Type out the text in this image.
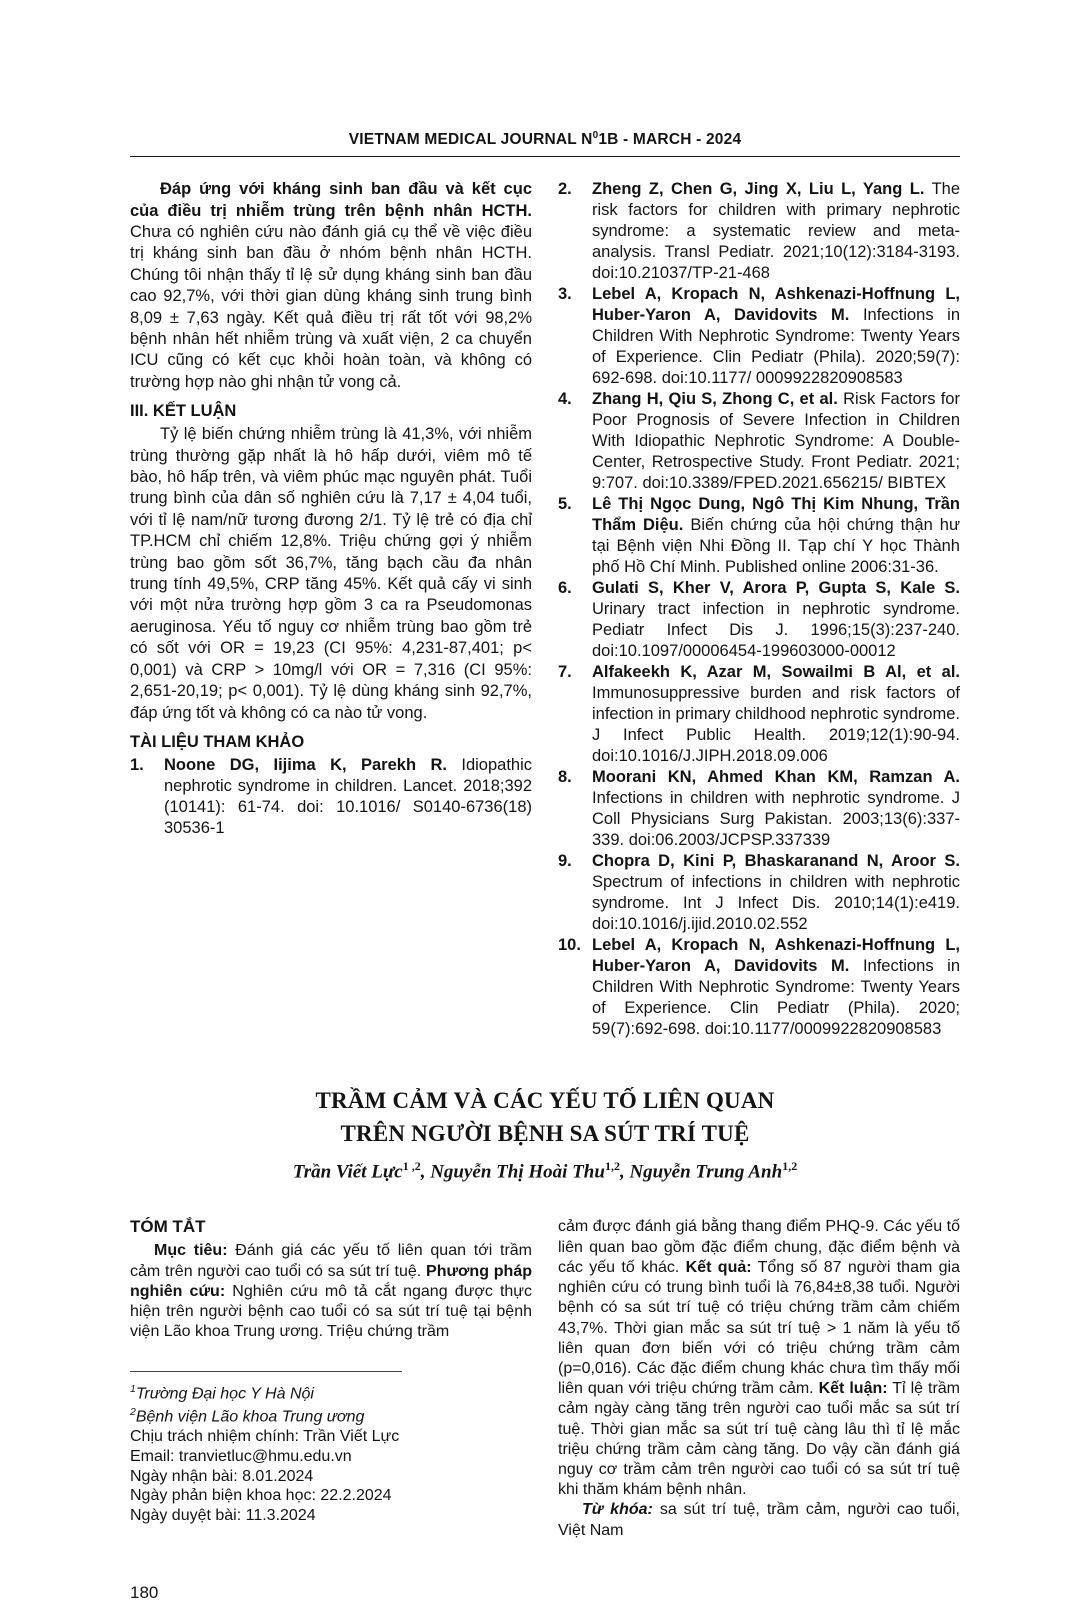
VIETNAM MEDICAL JOURNAL $N^01B$ - MARCH - 2024

Đáp ứng với kháng sinh ban đầu và kết cục của điều trị nhiễm trùng trên bệnh nhân HCTH. Chưa có nghiên cứu nào đánh giá cụ thể về việc điều trị kháng sinh ban đầu ở nhóm bệnh nhân HCTH. Chúng tôi nhận thấy tỉ lệ sử dụng kháng sinh ban đầu cao 92,7%, với thời gian dùng kháng sinh trung bình 8,09 ± 7,63 ngày. Kết quả điều trị rất tốt với 98,2% bệnh nhân hết nhiễm trùng và xuất viện, 2 ca chuyển ICU cũng có kết cục khỏi hoàn toàn, và không có trường hợp nào ghi nhận tử vong cả.

III. KẾT LUẬN

Tỷ lệ biến chứng nhiễm trùng là 41,3%, với nhiễm trùng thường gặp nhất là hô hấp dưới, viêm mô tế bào, hô hấp trên, và viêm phúc mạc nguyên phát. Tuổi trung bình của dân số nghiên cứu là 7,17 ± 4,04 tuổi, với tỉ lệ nam/nữ tương đương 2/1. Tỷ lệ trẻ có địa chỉ TP.HCM chỉ chiếm 12,8%. Triệu chứng gợi ý nhiễm trùng bao gồm sốt 36,7%, tăng bạch cầu đa nhân trung tính 49,5%, CRP tăng 45%. Kết quả cấy vi sinh với một nửa trường hợp gồm 3 ca ra Pseudomonas aeruginosa. Yếu tố nguy cơ nhiễm trùng bao gồm trẻ có sốt với OR = 19,23 (CI 95%: 4,231-87,401; p< 0,001) và CRP > 10mg/l với OR = 7,316 (CI 95%: 2,651-20,19; p< 0,001). Tỷ lệ dùng kháng sinh 92,7%, đáp ứng tốt và không có ca nào tử vong.

TÀI LIỆU THAM KHẢO
1.	Noone DG, Iijima K, Parekh R. Idiopathic nephrotic syndrome in children. Lancet. 2018;392 (10141): 61-74. doi: 10.1016/ S0140-6736(18) 30536-1
2.	Zheng Z, Chen G, Jing X, Liu L, Yang L. The risk factors for children with primary nephrotic syndrome: a systematic review and meta-analysis. Transl Pediatr. 2021;10(12):3184-3193. doi:10.21037/TP-21-468
3.	Lebel A, Kropach N, Ashkenazi-Hoffnung L, Huber-Yaron A, Davidovits M. Infections in Children With Nephrotic Syndrome: Twenty Years of Experience. Clin Pediatr (Phila). 2020;59(7): 692-698. doi:10.1177/ 0009922820908583
4.	Zhang H, Qiu S, Zhong C, et al. Risk Factors for Poor Prognosis of Severe Infection in Children With Idiopathic Nephrotic Syndrome: A Double-Center, Retrospective Study. Front Pediatr. 2021; 9:707. doi:10.3389/FPED.2021.656215/ BIBTEX
5.	Lê Thị Ngọc Dung, Ngô Thị Kim Nhung, Trần Thẩm Diệu. Biến chứng của hội chứng thận hư tại Bệnh viện Nhi Đồng II. Tạp chí Y học Thành phố Hồ Chí Minh. Published online 2006:31-36.
6.	Gulati S, Kher V, Arora P, Gupta S, Kale S. Urinary tract infection in nephrotic syndrome. Pediatr Infect Dis J. 1996;15(3):237-240. doi:10.1097/00006454-199603000-00012
7.	Alfakeekh K, Azar M, Sowailmi B Al, et al. Immunosuppressive burden and risk factors of infection in primary childhood nephrotic syndrome. J Infect Public Health. 2019;12(1):90-94. doi:10.1016/J.JIPH.2018.09.006
8.	Moorani KN, Ahmed Khan KM, Ramzan A. Infections in children with nephrotic syndrome. J Coll Physicians Surg Pakistan. 2003;13(6):337-339. doi:06.2003/JCPSP.337339
9.	Chopra D, Kini P, Bhaskaranand N, Aroor S. Spectrum of infections in children with nephrotic syndrome. Int J Infect Dis. 2010;14(1):e419. doi:10.1016/j.ijid.2010.02.552
10. Lebel A, Kropach N, Ashkenazi-Hoffnung L, Huber-Yaron A, Davidovits M. Infections in Children With Nephrotic Syndrome: Twenty Years of Experience. Clin Pediatr (Phila). 2020; 59(7):692-698. doi:10.1177/0009922820908583
TRẦM CẢM VÀ CÁC YẾU TỐ LIÊN QUAN
TRÊN NGƯỜI BỆNH SA SÚT TRÍ TUỆ
Trần Viết Lực$^{1 ,2}$, Nguyễn Thị Hoài Thu$^{1,2}$, Nguyễn Trung Anh$^{1,2}$
TÓM TẮT

Mục tiêu: Đánh giá các yếu tố liên quan tới trầm cảm trên người cao tuổi có sa sút trí tuệ. Phương pháp nghiên cứu: Nghiên cứu mô tả cắt ngang được thực hiện trên người bệnh cao tuổi có sa sút trí tuệ tại bệnh viện Lão khoa Trung ương. Triệu chứng trầm

$^1$Trường Đại học Y Hà Nội
$^2$Bệnh viện Lão khoa Trung ương
Chịu trách nhiệm chính: Trần Viết Lực
Email: tranvietluc@hmu.edu.vn
Ngày nhận bài: 8.01.2024
Ngày phản biện khoa học: 22.2.2024
Ngày duyệt bài: 11.3.2024

cảm được đánh giá bằng thang điểm PHQ-9. Các yếu tố liên quan bao gồm đặc điểm chung, đặc điểm bệnh và các yếu tố khác. Kết quả: Tổng số 87 người tham gia nghiên cứu có trung bình tuổi là 76,84±8,38 tuổi. Người bệnh có sa sút trí tuệ có triệu chứng trầm cảm chiếm 43,7%. Thời gian mắc sa sút trí tuệ > 1 năm là yếu tố liên quan đơn biến với có triệu chứng trầm cảm (p=0,016). Các đặc điểm chung khác chưa tìm thấy mối liên quan với triệu chứng trầm cảm. Kết luận: Tỉ lệ trầm cảm ngày càng tăng trên người cao tuổi mắc sa sút trí tuệ. Thời gian mắc sa sút trí tuệ càng lâu thì tỉ lệ mắc triệu chứng trầm cảm càng tăng. Do vậy cần đánh giá nguy cơ trầm cảm trên người cao tuổi có sa sút trí tuệ khi thăm khám bệnh nhân.

Từ khóa: sa sút trí tuệ, trầm cảm, người cao tuổi, Việt Nam

180
